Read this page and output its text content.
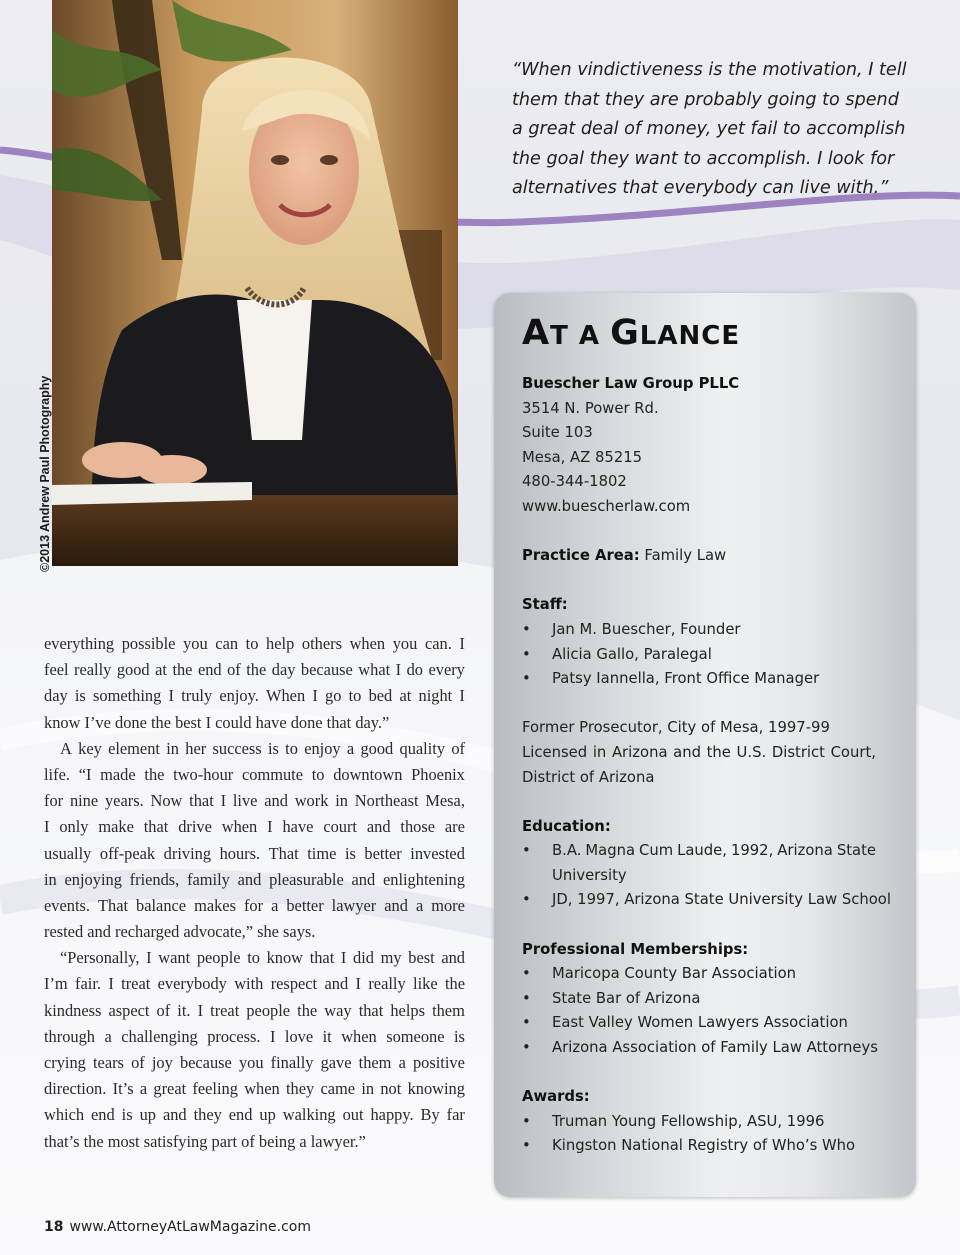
©2013 Andrew Paul Photography

“When vindictiveness is the motivation, I tell

them that they are probably going to spend

a great deal of money, yet fail to accomplish

the goal they want to accomplish. I look for

alternatives that everybody can live with.”

AT A GLANCE
Buescher Law Group PLLC
3514 N. Power Rd.
Suite 103
Mesa, AZ 85215
480-344-1802
www.buescherlaw.com
Practice Area: Family Law
Staff:
• Jan M. Buescher, Founder
• Alicia Gallo, Paralegal
• Patsy Iannella, Front Office Manager
Former Prosecutor, City of Mesa, 1997-99
Licensed in Arizona and the U.S. District Court,
District of Arizona
Education:
• B.A. Magna Cum Laude, 1992, Arizona State
University
• JD, 1997, Arizona State University Law School
Professional Memberships:
• Maricopa County Bar Association
• State Bar of Arizona
• East Valley Women Lawyers Association
• Arizona Association of Family Law Attorneys
Awards:
• Truman Young Fellowship, ASU, 1996
• Kingston National Registry of Who’s Who
everything possible you can to help others when you can. I
feel really good at the end of the day because what I do every
day is something I truly enjoy. When I go to bed at night I
know I’ve done the best I could have done that day.”
A key element in her success is to enjoy a good quality of
life. “I made the two-hour commute to downtown Phoenix
for nine years. Now that I live and work in Northeast Mesa,
I only make that drive when I have court and those are
usually off-peak driving hours. That time is better invested
in enjoying friends, family and pleasurable and enlightening
events. That balance makes for a better lawyer and a more
rested and recharged advocate,” she says.
“Personally, I want people to know that I did my best and
I’m fair. I treat everybody with respect and I really like the
kindness aspect of it. I treat people the way that helps them
through a challenging process. I love it when someone is
crying tears of joy because you finally gave them a positive
direction. It’s a great feeling when they came in not knowing
which end is up and they end up walking out happy. By far
that’s the most satisfying part of being a lawyer.”
18 www.AttorneyAtLawMagazine.com
